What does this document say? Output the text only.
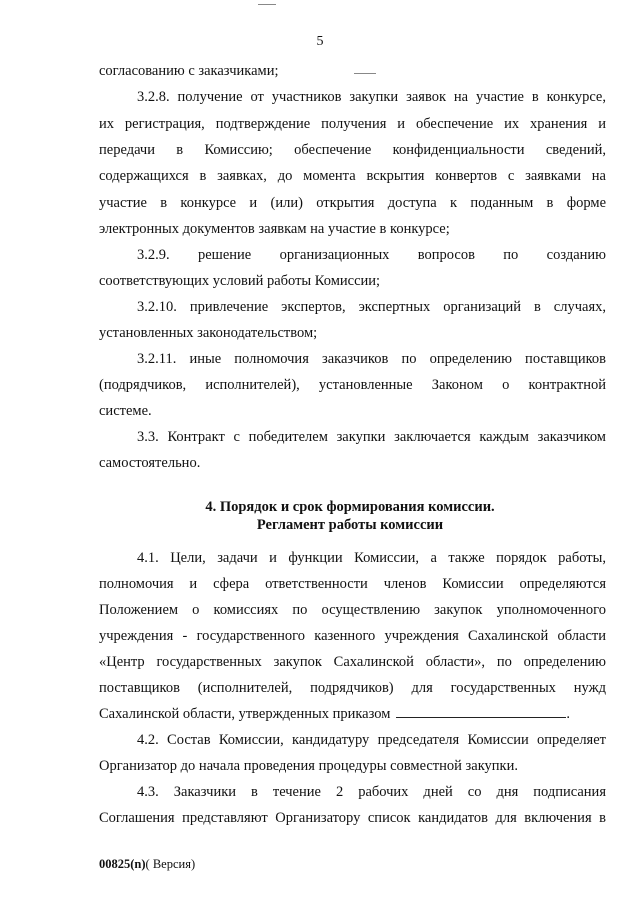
5
согласованию с заказчиками;
3.2.8. получение от участников закупки заявок на участие в конкурсе,
их регистрация, подтверждение получения и обеспечение их хранения и
передачи в Комиссию; обеспечение конфиденциальности сведений,
содержащихся в заявках, до момента вскрытия конвертов с заявками на
участие в конкурсе и (или) открытия доступа к поданным в форме
электронных документов заявкам на участие в конкурсе;
3.2.9. решение организационных вопросов по созданию
соответствующих условий работы Комиссии;
3.2.10. привлечение экспертов, экспертных организаций в случаях,
установленных законодательством;
3.2.11. иные полномочия заказчиков по определению поставщиков
(подрядчиков, исполнителей), установленные Законом о контрактной
системе.
3.3. Контракт с победителем закупки заключается каждым заказчиком
самостоятельно.
4. Порядок и срок формирования комиссии.
Регламент работы комиссии
4.1. Цели, задачи и функции Комиссии, а также порядок работы,
полномочия и сфера ответственности членов Комиссии определяются
Положением о комиссиях по осуществлению закупок уполномоченного
учреждения - государственного казенного учреждения Сахалинской области
«Центр государственных закупок Сахалинской области», по определению
поставщиков (исполнителей, подрядчиков) для государственных нужд
Сахалинской области, утвержденных приказом	.
4.2. Состав Комиссии, кандидатуру председателя Комиссии определяет
Организатор до начала проведения процедуры совместной закупки.
4.3. Заказчики в течение 2 рабочих дней со дня подписания
Соглашения представляют Организатору список кандидатов для включения в
00825(n)( Версия)
